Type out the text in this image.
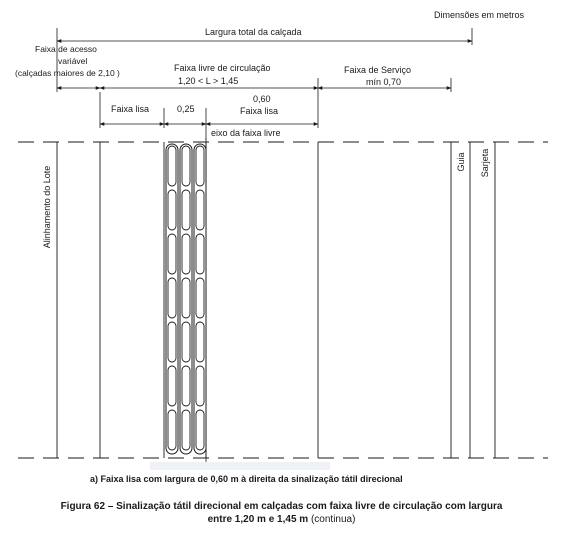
Dimensões em metros
Largura total da calçada
Faixa de acesso
variável
(calçadas maiores de 2,10 )	Faixa livre de circulação
1,20 < L > 1,45
Faixa de Serviço
mín 0,70
Faixa lisa	0,25
0,60
Faixa lisa
eixo da faixa livre
Alinhamento do Lote
Guia Sarjeta
a) Faixa lisa com largura de 0,60 m à direita da sinalização tátil direcional
Figura 62 – Sinalização tátil direcional em calçadas com faixa livre de circulação com largura
entre 1,20 m e 1,45 m (continua)
